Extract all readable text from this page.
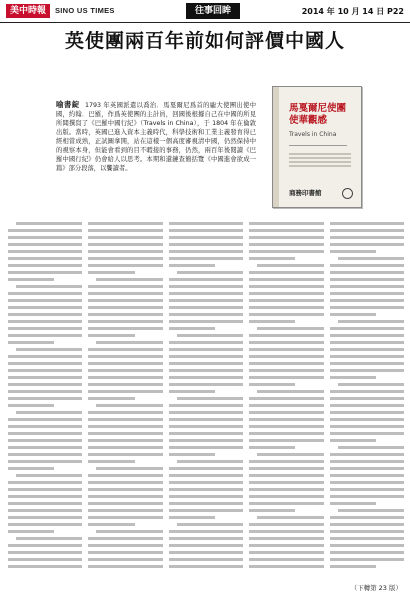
美中時報	SINO US TIMES	往事回眸	2014 年 10 月 14 日 P22
英使團兩百年前如何評價中國人
喻書錠 1793 年英國派遣以喬治．馬戛爾尼爲首的龐大使團出使中國，約翰．巴羅，作爲英使團的主計員，回國後根據自己在中國的所見所聞撰寫了《巴羅中國行紀》（Travels in China），于 1804 年在倫敦出版。當時，英國已進入資本主義時代，科學技術和工業主義發育得已經相當成熟，正試圖拿開，站在這樣一個高度審視清中國，仍然保持中的視察本身，但能會看到的目不暇接的事務，仍然，兩百年後閱讀《巴羅中國行紀》仍會給人以思考。本期和還鏈查簡括覽《中國進會欲成一篇》部分段落，以饗讀者。
馬戛爾尼使團
使華觀感
Travels in China
商務印書館
（下轉第 23 版）
